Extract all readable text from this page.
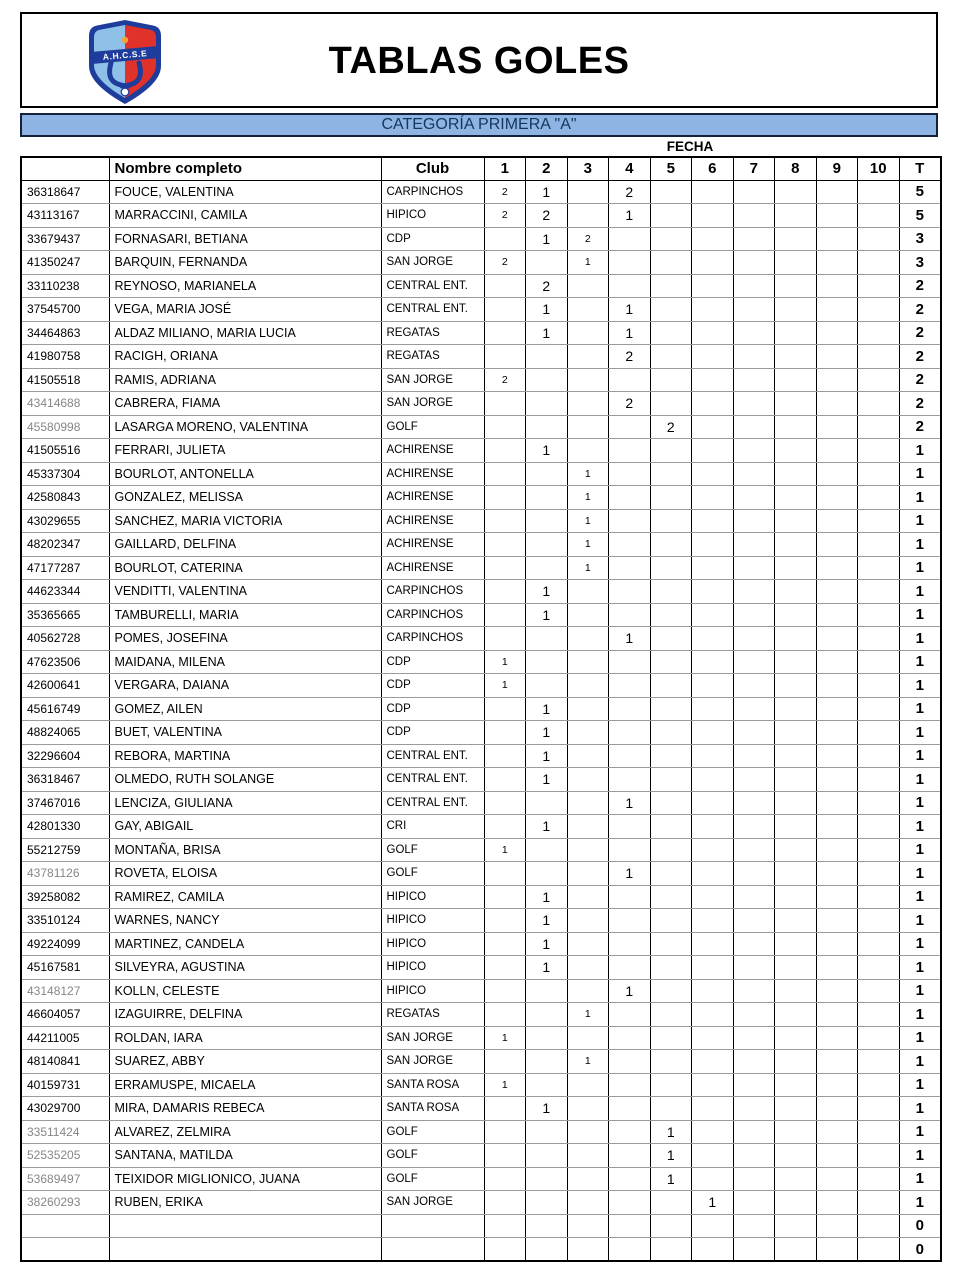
A.H.C.S.E	TABLAS GOLES
CATEGORÍA PRIMERA "A"
FECHA
	Nombre completo	Club	1	2	3	4	5	6	7	8	9	10	T
36318647	FOUCE, VALENTINA	CARPINCHOS	2	1		2							5
43113167	MARRACCINI, CAMILA	HIPICO	2	2		1							5
33679437	FORNASARI, BETIANA	CDP		1	2								3
41350247	BARQUIN, FERNANDA	SAN JORGE	2		1								3
33110238	REYNOSO, MARIANELA	CENTRAL ENT.		2									2
37545700	VEGA, MARIA JOSÉ	CENTRAL ENT.		1		1							2
34464863	ALDAZ MILIANO, MARIA LUCIA	REGATAS		1		1							2
41980758	RACIGH, ORIANA	REGATAS				2							2
41505518	RAMIS, ADRIANA	SAN JORGE	2										2
43414688	CABRERA, FIAMA	SAN JORGE				2							2
45580998	LASARGA MORENO, VALENTINA	GOLF					2						2
41505516	FERRARI, JULIETA	ACHIRENSE		1									1
45337304	BOURLOT, ANTONELLA	ACHIRENSE			1								1
42580843	GONZALEZ, MELISSA	ACHIRENSE			1								1
43029655	SANCHEZ, MARIA VICTORIA	ACHIRENSE			1								1
48202347	GAILLARD, DELFINA	ACHIRENSE			1								1
47177287	BOURLOT, CATERINA	ACHIRENSE			1								1
44623344	VENDITTI, VALENTINA	CARPINCHOS		1									1
35365665	TAMBURELLI, MARIA	CARPINCHOS		1									1
40562728	POMES, JOSEFINA	CARPINCHOS				1							1
47623506	MAIDANA, MILENA	CDP	1										1
42600641	VERGARA, DAIANA	CDP	1										1
45616749	GOMEZ, AILEN	CDP		1									1
48824065	BUET, VALENTINA	CDP		1									1
32296604	REBORA, MARTINA	CENTRAL ENT.		1									1
36318467	OLMEDO, RUTH SOLANGE	CENTRAL ENT.		1									1
37467016	LENCIZA, GIULIANA	CENTRAL ENT.				1							1
42801330	GAY, ABIGAIL	CRI		1									1
55212759	MONTAÑA, BRISA	GOLF	1										1
43781126	ROVETA, ELOISA	GOLF				1							1
39258082	RAMIREZ, CAMILA	HIPICO		1									1
33510124	WARNES, NANCY	HIPICO		1									1
49224099	MARTINEZ, CANDELA	HIPICO		1									1
45167581	SILVEYRA, AGUSTINA	HIPICO		1									1
43148127	KOLLN, CELESTE	HIPICO				1							1
46604057	IZAGUIRRE, DELFINA	REGATAS			1								1
44211005	ROLDAN, IARA	SAN JORGE	1										1
48140841	SUAREZ, ABBY	SAN JORGE			1								1
40159731	ERRAMUSPE, MICAELA	SANTA ROSA	1										1
43029700	MIRA, DAMARIS REBECA	SANTA ROSA		1									1
33511424	ALVAREZ, ZELMIRA	GOLF					1						1
52535205	SANTANA, MATILDA	GOLF					1						1
53689497	TEIXIDOR MIGLIONICO, JUANA	GOLF					1						1
38260293	RUBEN, ERIKA	SAN JORGE						1					1
													0
													0
